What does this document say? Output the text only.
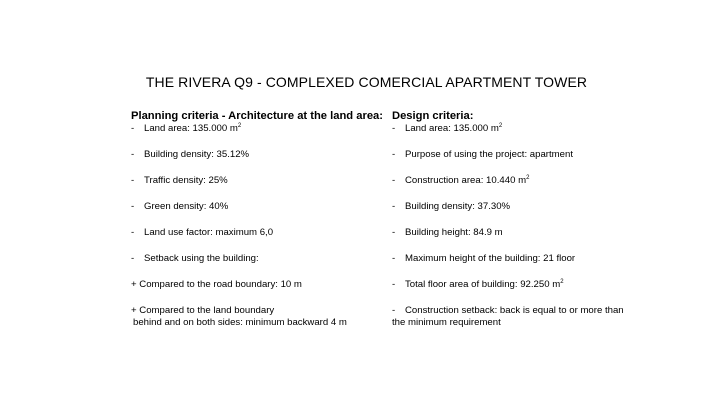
THE RIVERA Q9 - COMPLEXED COMERCIAL APARTMENT TOWER
Planning criteria - Architecture at the land area:
- Land area: 135.000 $m^2$
- Building density: 35.12%
- Traffic density: 25%
- Green density: 40%
- Land use factor: maximum 6,0
- Setback using the building:
+ Compared to the road boundary: 10 m
+ Compared to the land boundary
behind and on both sides: minimum backward 4 m
Design criteria:
- Land area: 135.000 $m^2$
- Purpose of using the project: apartment
- Construction area: 10.440 $m^2$
- Building density: 37.30%
- Building height: 84.9 m
- Maximum height of the building: 21 floor
- Total floor area of building: 92.250 $m^2$
- Construction setback: back is equal to or more than
the minimum requirement
